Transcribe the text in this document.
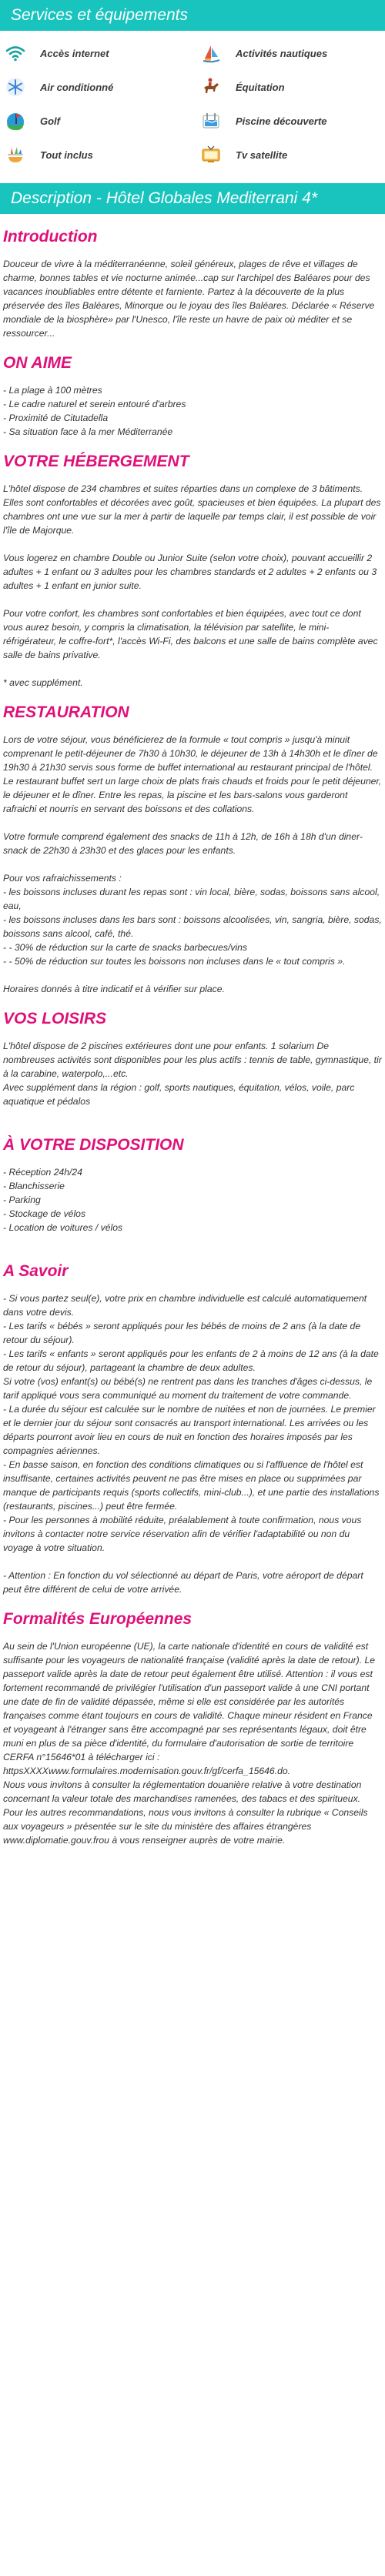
Services et équipements
Accès internet	Activités nautiques
Air conditionné	Équitation
Golf	Piscine découverte
Tout inclus	Tv satellite
Description - Hôtel Globales Mediterrani 4*
Introduction

Douceur de vivre à la méditerranéenne, soleil généreux, plages de rêve et villages de charme, bonnes tables et vie nocturne animée...cap sur l'archipel des Baléares pour des vacances inoubliables entre détente et farniente. Partez à la découverte de la plus préservée des îles Baléares, Minorque ou le joyau des îles Baléares. Déclarée « Réserve mondiale de la biosphère» par l'Unesco, l'île reste un havre de paix où méditer et se ressourcer...

ON AIME
- La plage à 100 mètres
- Le cadre naturel et serein entouré d'arbres
- Proximité de Citutadella
- Sa situation face à la mer Méditerranée
VOTRE HÉBERGEMENT

L'hôtel dispose de 234 chambres et suites réparties dans un complexe de 3 bâtiments. Elles sont confortables et décorées avec goût, spacieuses et bien équipées. La plupart des chambres ont une vue sur la mer à partir de laquelle par temps clair, il est possible de voir l'île de Majorque.

Vous logerez en chambre Double ou Junior Suite (selon votre choix), pouvant accueillir 2 adultes + 1 enfant ou 3 adultes pour les chambres standards et 2 adultes + 2 enfants ou 3 adultes + 1 enfant en junior suite.

Pour votre confort, les chambres sont confortables et bien équipées, avec tout ce dont vous aurez besoin, y compris la climatisation, la télévision par satellite, le mini-réfrigérateur, le coffre-fort*, l'accès Wi-Fi, des balcons et une salle de bains complète avec salle de bains privative.

* avec supplément.

RESTAURATION

Lors de votre séjour, vous bénéficierez de la formule « tout compris » jusqu'à minuit comprenant le petit-déjeuner de 7h30 à 10h30, le déjeuner de 13h à 14h30h et le dîner de 19h30 à 21h30 servis sous forme de buffet international au restaurant principal de l'hôtel. Le restaurant buffet sert un large choix de plats frais chauds et froids pour le petit déjeuner, le déjeuner et le dîner. Entre les repas, la piscine et les bars-salons vous garderont rafraichi et nourris en servant des boissons et des collations.

Votre formule comprend également des snacks de 11h à 12h, de 16h à 18h d'un diner-snack de 22h30 à 23h30 et des glaces pour les enfants.

Pour vos rafraichissements :
- les boissons incluses durant les repas sont : vin local, bière, sodas, boissons sans alcool, eau,
- les boissons incluses dans les bars sont : boissons alcoolisées, vin, sangria, bière, sodas, boissons sans alcool, café, thé.
- - 30% de réduction sur la carte de snacks barbecues/vins
- - 50% de réduction sur toutes les boissons non incluses dans le « tout compris ».

Horaires donnés à titre indicatif et à vérifier sur place.

VOS LOISIRS

L'hôtel dispose de 2 piscines extérieures dont une pour enfants. 1 solarium De nombreuses activités sont disponibles pour les plus actifs : tennis de table, gymnastique, tir à la carabine, waterpolo,...etc.
Avec supplément dans la région : golf, sports nautiques, équitation, vélos, voile, parc aquatique et pédalos

À VOTRE DISPOSITION
- Réception 24h/24
- Blanchisserie
- Parking
- Stockage de vélos
- Location de voitures / vélos
A Savoir

- Si vous partez seul(e), votre prix en chambre individuelle est calculé automatiquement dans votre devis.
- Les tarifs « bébés » seront appliqués pour les bébés de moins de 2 ans (à la date de retour du séjour).
- Les tarifs « enfants » seront appliqués pour les enfants de 2 à moins de 12 ans (à la date de retour du séjour), partageant la chambre de deux adultes.
Si votre (vos) enfant(s) ou bébé(s) ne rentrent pas dans les tranches d'âges ci-dessus, le tarif appliqué vous sera communiqué au moment du traitement de votre commande.
- La durée du séjour est calculée sur le nombre de nuitées et non de journées. Le premier et le dernier jour du séjour sont consacrés au transport international. Les arrivées ou les départs pourront avoir lieu en cours de nuit en fonction des horaires imposés par les compagnies aériennes.
- En basse saison, en fonction des conditions climatiques ou si l'affluence de l'hôtel est insuffisante, certaines activités peuvent ne pas être mises en place ou supprimées par manque de participants requis (sports collectifs, mini-club...), et une partie des installations (restaurants, piscines...) peut être fermée.
- Pour les personnes à mobilité réduite, préalablement à toute confirmation, nous vous invitons à contacter notre service réservation afin de vérifier l'adaptabilité ou non du voyage à votre situation.

- Attention : En fonction du vol sélectionné au départ de Paris, votre aéroport de départ peut être différent de celui de votre arrivée.

Formalités Européennes

Au sein de l'Union européenne (UE), la carte nationale d'identité en cours de validité est suffisante pour les voyageurs de nationalité française (validité après la date de retour). Le passeport valide après la date de retour peut également être utilisé. Attention : il vous est fortement recommandé de privilégier l'utilisation d'un passeport valide à une CNI portant une date de fin de validité dépassée, même si elle est considérée par les autorités françaises comme étant toujours en cours de validité. Chaque mineur résident en France et voyageant à l'étranger sans être accompagné par ses représentants légaux, doit être muni en plus de sa pièce d'identité, du formulaire d'autorisation de sortie de territoire CERFA n°15646*01 à télécharger ici : httpsXXXXwww.formulaires.modernisation.gouv.fr/gf/cerfa_15646.do.
Nous vous invitons à consulter la réglementation douanière relative à votre destination concernant la valeur totale des marchandises ramenées, des tabacs et des spiritueux.
Pour les autres recommandations, nous vous invitons à consulter la rubrique « Conseils aux voyageurs » présentée sur le site du ministère des affaires étrangères www.diplomatie.gouv.frou à vous renseigner auprès de votre mairie.
